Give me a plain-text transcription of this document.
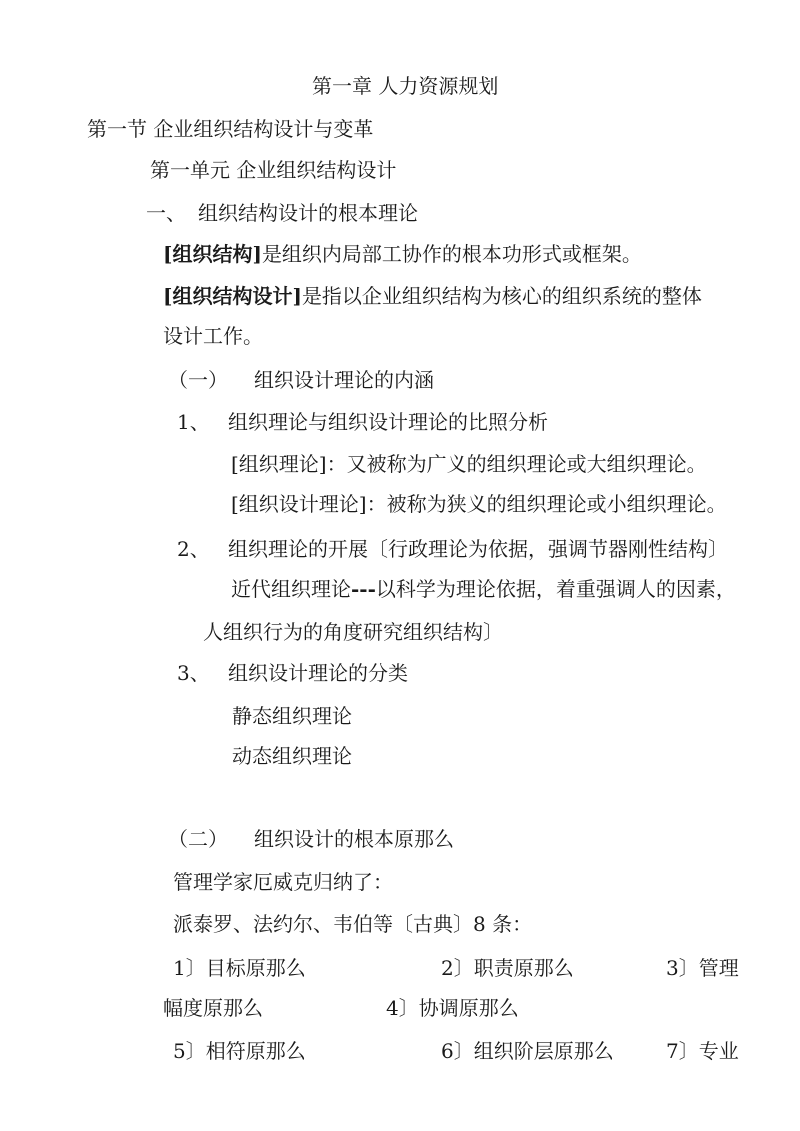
第一章 人力资源规划
第一节 企业组织结构设计与变革
第一单元 企业组织结构设计
一、 组织结构设计的根本理论
[组织结构]是组织内局部工协作的根本功形式或框架。
[组织结构设计]是指以企业组织结构为核心的组织系统的整体
设计工作。
（一） 组织设计理论的内涵
1、 组织理论与组织设计理论的比照分析
[组织理论]：又被称为广义的组织理论或大组织理论。
[组织设计理论]：被称为狭义的组织理论或小组织理论。
2、 组织理论的开展〔行政理论为依据，强调节器刚性结构〕
近代组织理论---以科学为理论依据，着重强调人的因素，
人组织行为的角度研究组织结构〕
3、 组织设计理论的分类
静态组织理论
动态组织理论
（二） 组织设计的根本原那么
管理学家厄威克归纳了：
派泰罗、法约尔、韦伯等〔古典〕8 条：
1〕目标原那么	2〕职责原那么	3〕管理
幅度原那么	4〕协调原那么
5〕相符原那么	6〕组织阶层原那么	7〕专业
